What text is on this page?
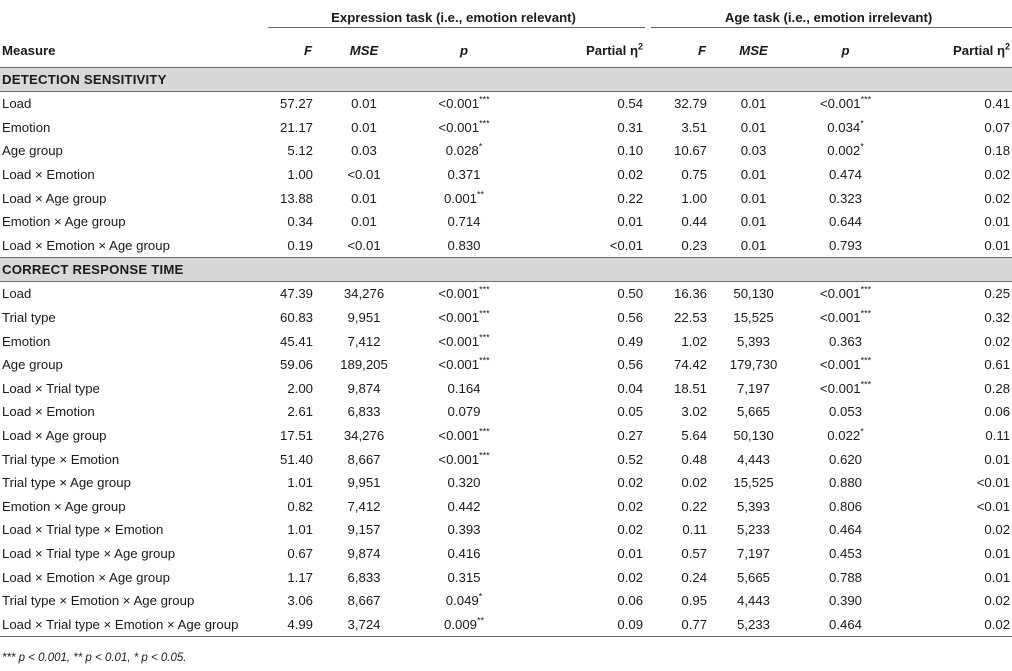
	Expression task (i.e., emotion relevant)				Age task (i.e., emotion irrelevant)			

Measure	F	MSE	p	Partial $\eta^2$	F	MSE	p	Partial $\eta^2$
DETECTION SENSITIVITY								
Load	57.27	0.01	<0.001***	0.54	32.79	0.01	<0.001***	0.41
Emotion	21.17	0.01	<0.001***	0.31	3.51	0.01	0.034*	0.07
Age group	5.12	0.03	0.028*	0.10	10.67	0.03	0.002*	0.18
Load × Emotion	1.00	<0.01	0.371	0.02	0.75	0.01	0.474	0.02
Load × Age group	13.88	0.01	0.001**	0.22	1.00	0.01	0.323	0.02
Emotion × Age group	0.34	0.01	0.714	0.01	0.44	0.01	0.644	0.01
Load × Emotion × Age group	0.19	<0.01	0.830	<0.01	0.23	0.01	0.793	0.01
CORRECT RESPONSE TIME								
Load	47.39	34,276	<0.001***	0.50	16.36	50,130	<0.001***	0.25
Trial type	60.83	9,951	<0.001***	0.56	22.53	15,525	<0.001***	0.32
Emotion	45.41	7,412	<0.001***	0.49	1.02	5,393	0.363	0.02
Age group	59.06	189,205	<0.001***	0.56	74.42	179,730	<0.001***	0.61
Load × Trial type	2.00	9,874	0.164	0.04	18.51	7,197	<0.001***	0.28
Load × Emotion	2.61	6,833	0.079	0.05	3.02	5,665	0.053	0.06
Load × Age group	17.51	34,276	<0.001***	0.27	5.64	50,130	0.022*	0.11
Trial type × Emotion	51.40	8,667	<0.001***	0.52	0.48	4,443	0.620	0.01
Trial type × Age group	1.01	9,951	0.320	0.02	0.02	15,525	0.880	<0.01
Emotion × Age group	0.82	7,412	0.442	0.02	0.22	5,393	0.806	<0.01
Load × Trial type × Emotion	1.01	9,157	0.393	0.02	0.11	5,233	0.464	0.02
Load × Trial type × Age group	0.67	9,874	0.416	0.01	0.57	7,197	0.453	0.01
Load × Emotion × Age group	1.17	6,833	0.315	0.02	0.24	5,665	0.788	0.01
Trial type × Emotion × Age group	3.06	8,667	0.049*	0.06	0.95	4,443	0.390	0.02
Load × Trial type × Emotion × Age group	4.99	3,724	0.009**	0.09	0.77	5,233	0.464	0.02
*** p < 0.001, ** p < 0.01, * p < 0.05.
